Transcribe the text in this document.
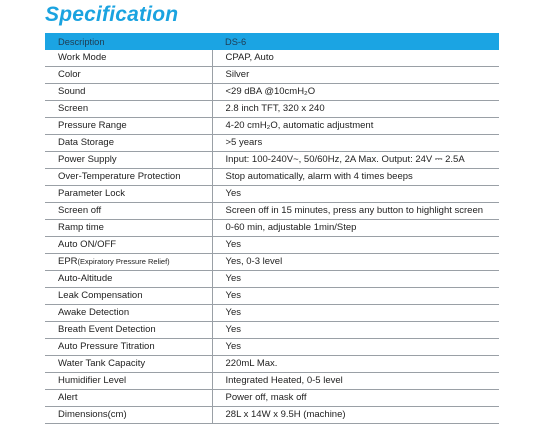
Specification
Description	DS-6
Work Mode	CPAP, Auto
Color	Silver
Sound	<29 dBA @10cmH₂O
Screen	2.8 inch TFT, 320 x 240
Pressure Range	4-20 cmH₂O, automatic adjustment
Data Storage	>5 years
Power Supply	Input: 100-240V~, 50/60Hz, 2A Max. Output: 24V ⎓ 2.5A
Over-Temperature Protection	Stop automatically, alarm with 4 times beeps
Parameter Lock	Yes
Screen off	Screen off in 15 minutes, press any button to highlight screen
Ramp time	0-60 min, adjustable 1min/Step
Auto ON/OFF	Yes
EPR(Expiratory Pressure Relief)	Yes, 0-3 level
Auto-Altitude	Yes
Leak Compensation	Yes
Awake Detection	Yes
Breath Event Detection	Yes
Auto Pressure Titration	Yes
Water Tank Capacity	220mL Max.
Humidifier Level	Integrated Heated, 0-5 level
Alert	Power off, mask off
Dimensions(cm)	28L x 14W x 9.5H (machine)
